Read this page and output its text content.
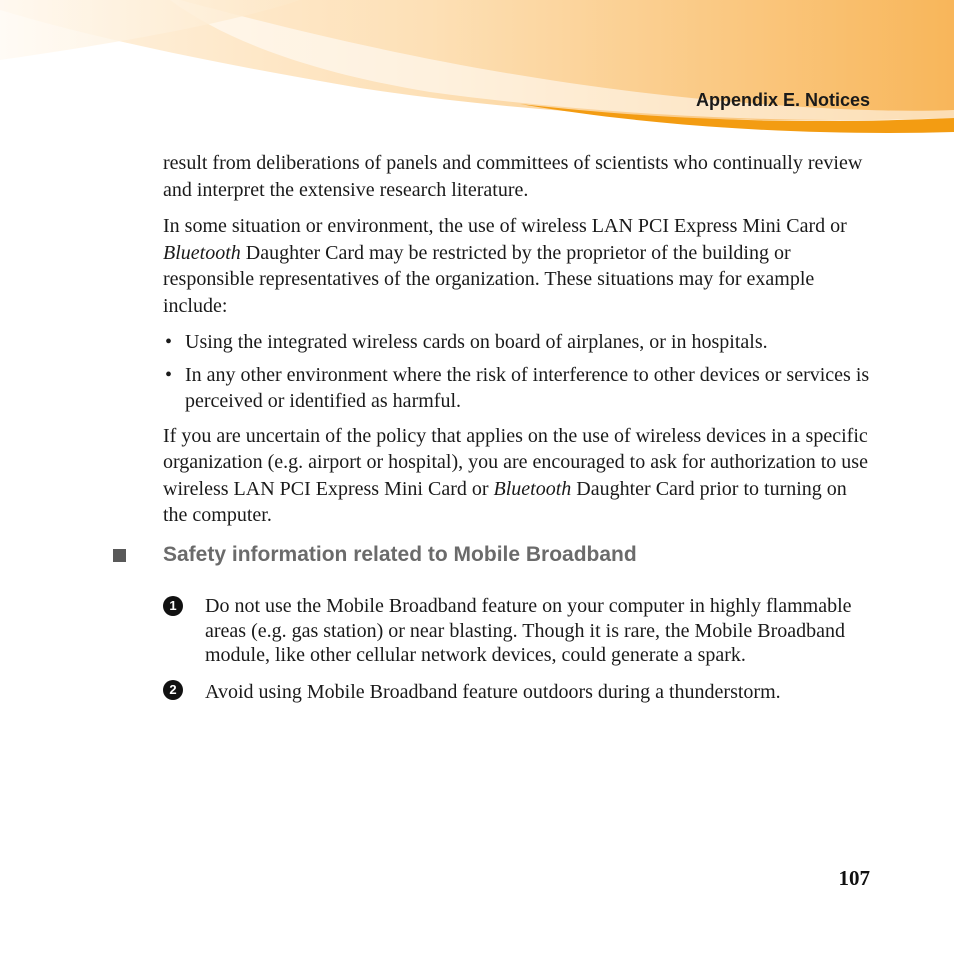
Appendix E. Notices

result from deliberations of panels and committees of scientists who continually review and interpret the extensive research literature.

In some situation or environment, the use of wireless LAN PCI Express Mini Card or Bluetooth Daughter Card may be restricted by the proprietor of the building or responsible representatives of the organization. These situations may for example include:

• Using the integrated wireless cards on board of airplanes, or in hospitals.
• In any other environment where the risk of interference to other devices or services is perceived or identified as harmful.

If you are uncertain of the policy that applies on the use of wireless devices in a specific organization (e.g. airport or hospital), you are encouraged to ask for authorization to use wireless LAN PCI Express Mini Card or Bluetooth Daughter Card prior to turning on the computer.

Safety information related to Mobile Broadband
1	Do not use the Mobile Broadband feature on your computer in highly flammable areas (e.g. gas station) or near blasting. Though it is rare, the Mobile Broadband module, like other cellular network devices, could generate a spark.
2	Avoid using Mobile Broadband feature outdoors during a thunderstorm.
107
